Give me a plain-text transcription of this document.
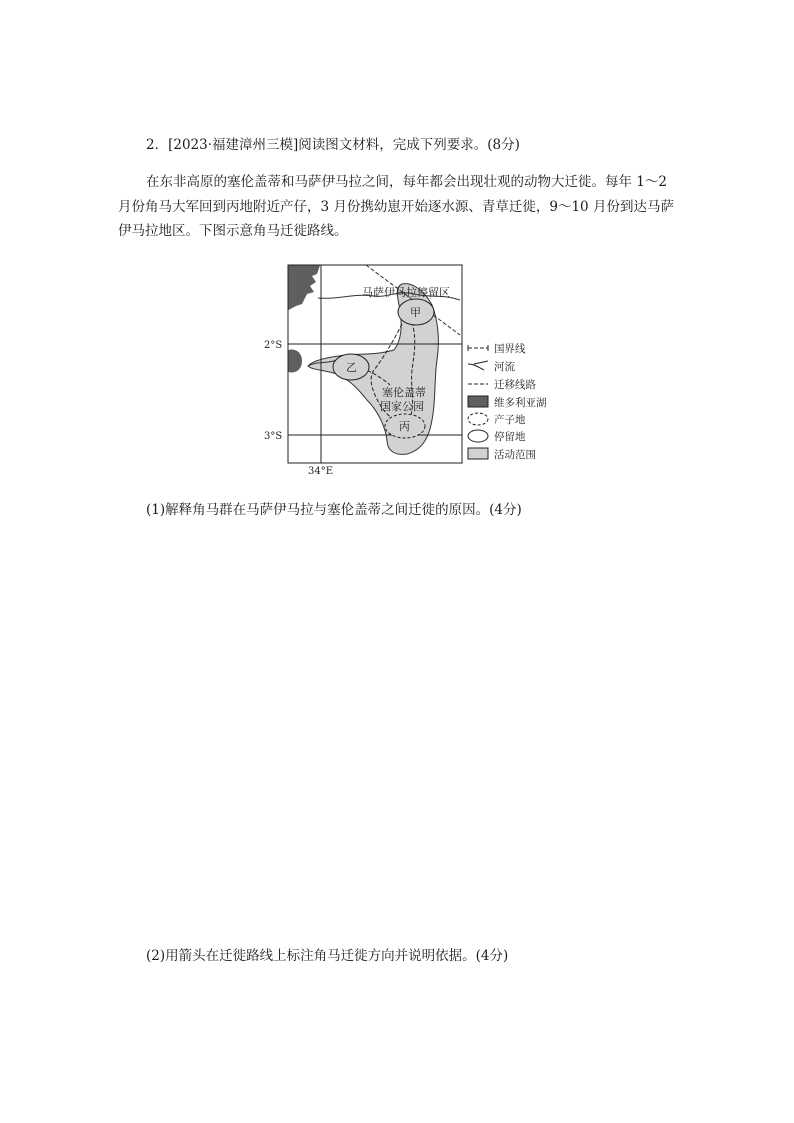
2．[2023·福建漳州三模]阅读图文材料，完成下列要求。(8分)
在东非高原的塞伦盖蒂和马萨伊马拉之间，每年都会出现壮观的动物大迁徙。每年 1～2
月份角马大军回到丙地附近产仔，3 月份携幼崽开始逐水源、青草迁徙，9～10 月份到达马萨
伊马拉地区。下图示意角马迁徙路线。
马萨伊马拉停留区
甲
乙
塞伦盖蒂
国家公园
丙
2°S
3°S
34°E
国界线
河流
迁移线路
维多利亚湖
产子地
停留地
活动范围
(1)解释角马群在马萨伊马拉与塞伦盖蒂之间迁徙的原因。(4分)
(2)用箭头在迁徙路线上标注角马迁徙方向并说明依据。(4分)
